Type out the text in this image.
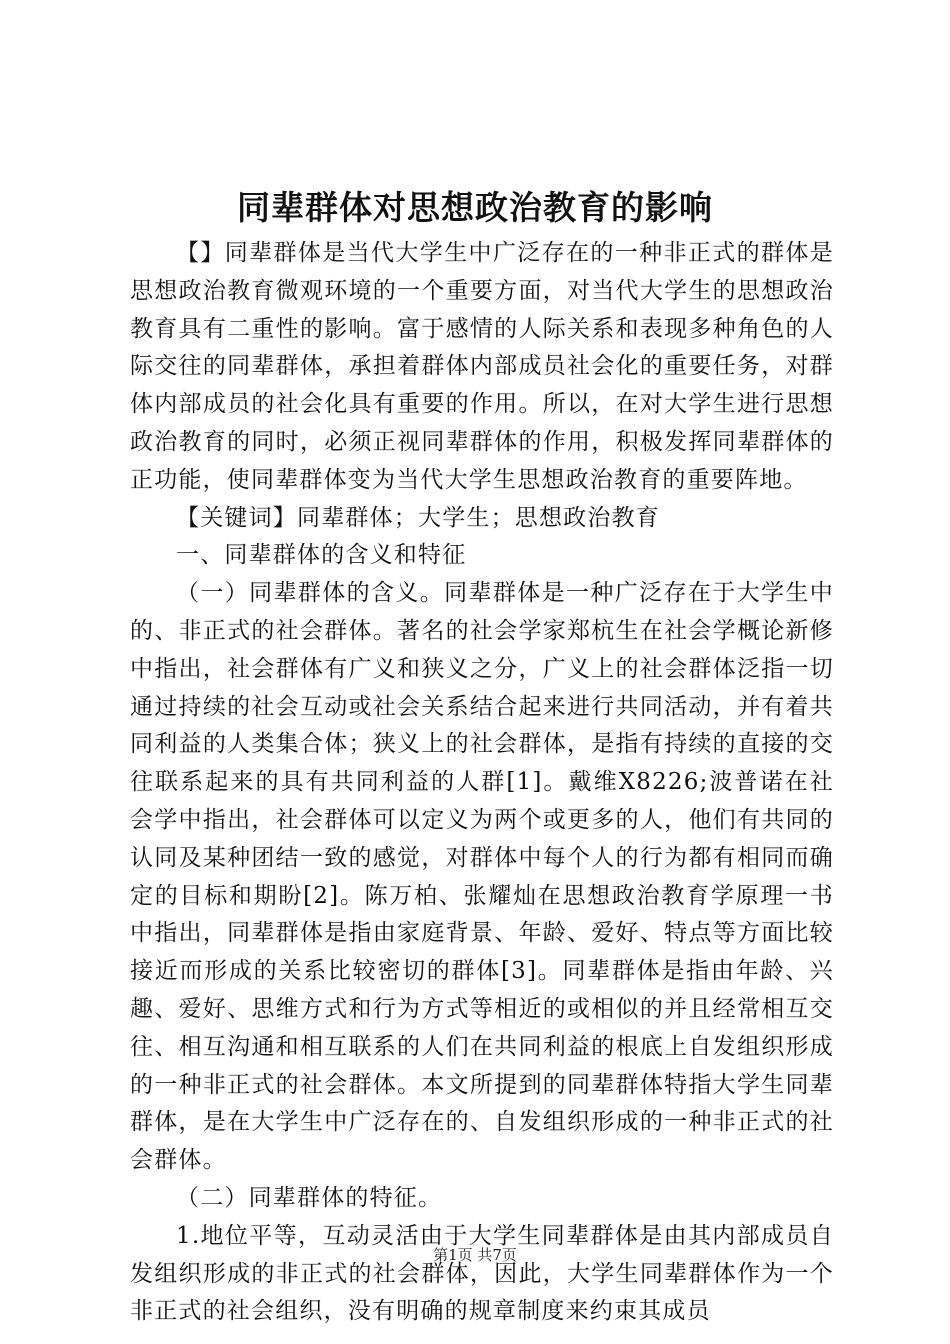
同辈群体对思想政治教育的影响

【】同辈群体是当代大学生中广泛存在的一种非正式的群体是思想政治教育微观环境的一个重要方面，对当代大学生的思想政治教育具有二重性的影响。富于感情的人际关系和表现多种角色的人际交往的同辈群体，承担着群体内部成员社会化的重要任务，对群体内部成员的社会化具有重要的作用。所以，在对大学生进行思想政治教育的同时，必须正视同辈群体的作用，积极发挥同辈群体的正功能，使同辈群体变为当代大学生思想政治教育的重要阵地。

【关键词】同辈群体；大学生；思想政治教育

一、同辈群体的含义和特征

（一）同辈群体的含义。同辈群体是一种广泛存在于大学生中的、非正式的社会群体。著名的社会学家郑杭生在社会学概论新修中指出，社会群体有广义和狭义之分，广义上的社会群体泛指一切通过持续的社会互动或社会关系结合起来进行共同活动，并有着共同利益的人类集合体；狭义上的社会群体，是指有持续的直接的交往联系起来的具有共同利益的人群[1]。戴维X8226;波普诺在社会学中指出，社会群体可以定义为两个或更多的人，他们有共同的认同及某种团结一致的感觉，对群体中每个人的行为都有相同而确定的目标和期盼[2]。陈万柏、张耀灿在思想政治教育学原理一书中指出，同辈群体是指由家庭背景、年龄、爱好、特点等方面比较接近而形成的关系比较密切的群体[3]。同辈群体是指由年龄、兴趣、爱好、思维方式和行为方式等相近的或相似的并且经常相互交往、相互沟通和相互联系的人们在共同利益的根底上自发组织形成的一种非正式的社会群体。本文所提到的同辈群体特指大学生同辈群体，是在大学生中广泛存在的、自发组织形成的一种非正式的社会群体。

（二）同辈群体的特征。

1.地位平等，互动灵活由于大学生同辈群体是由其内部成员自发组织形成的非正式的社会群体，因此，大学生同辈群体作为一个非正式的社会组织，没有明确的规章制度来约束其成员

第1页 共7页
